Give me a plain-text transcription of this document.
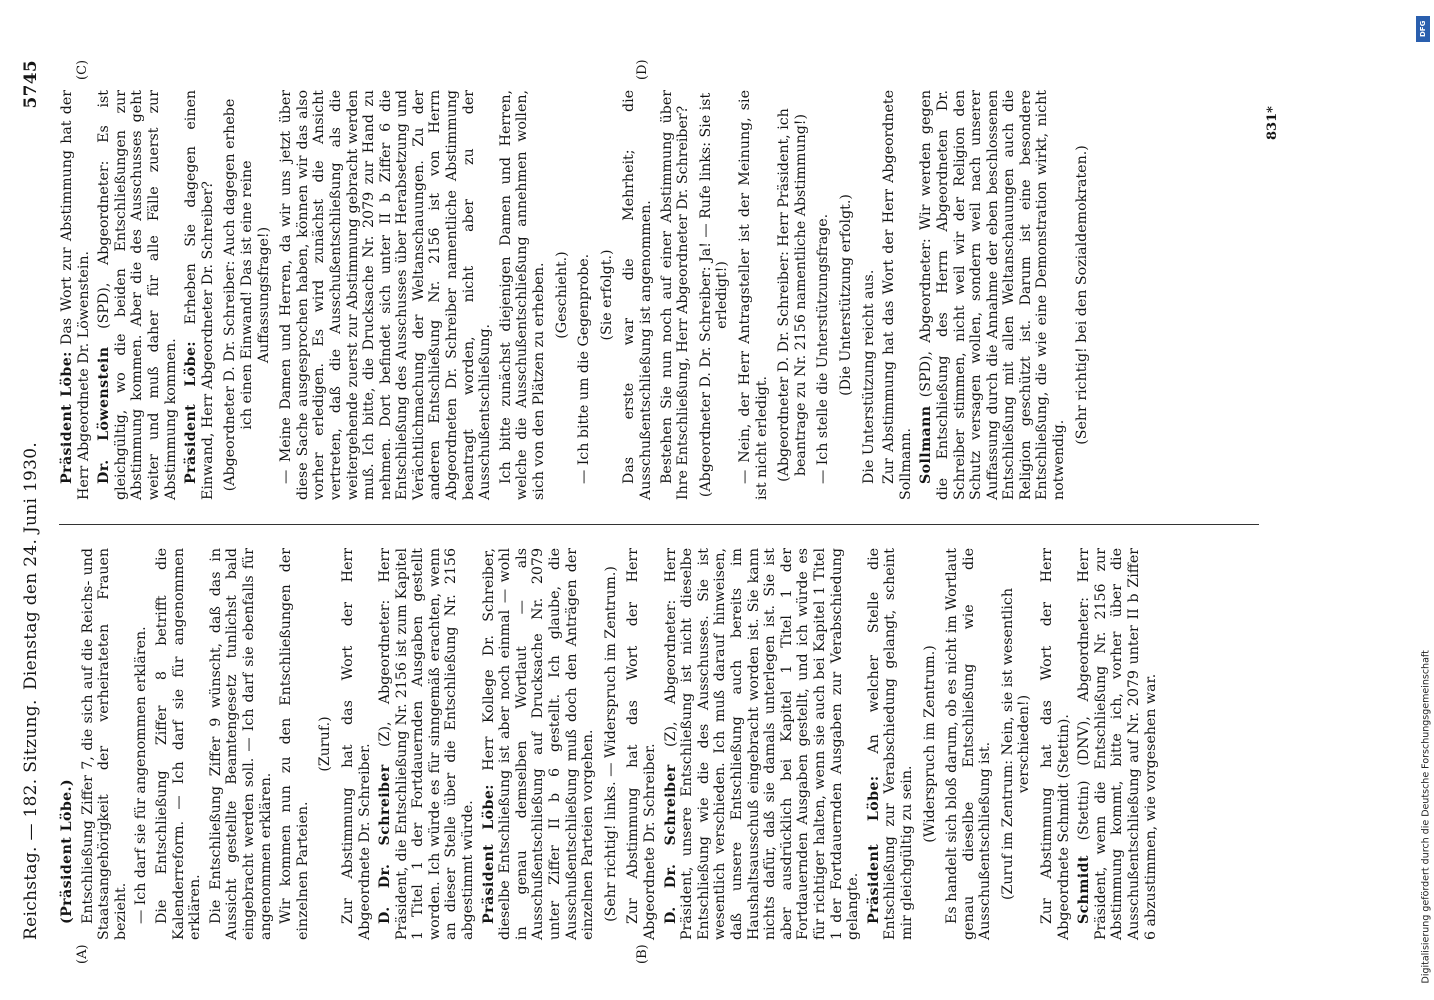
Reichstag. — 182. Sitzung.
Dienstag den 24. Juni 1930.
5745

(Präsident Löbe.) Entschließung Ziffer 7, die sich auf die Reichs- und Staatsangehörigkeit der verheirateten Frauen bezieht. — Ich darf sie für angenommen erklären. Die Entschließung Ziffer 8 betrifft die Kalenderreform. — Ich darf sie für angenommen erklären. Die Entschließung Ziffer 9 wünscht, daß das in Aussicht gestellte Beamtengesetz tunlichst bald eingebracht werden soll. — Ich darf sie ebenfalls für angenommen erklären. Wir kommen nun zu den Entschließungen der einzelnen Parteien.

(Zuruf.) Zur Abstimmung hat das Wort der Herr Abgeordnete Dr. Schreiber. D. Dr. Schreiber (Z), Abgeordneter: Herr Präsident, die Entschließung Nr. 2156 ist zum Kapitel 1 Titel 1 der Fortdauernden Ausgaben gestellt worden. Ich würde es für sinngemäß erachten, wenn an dieser Stelle über die Entschließung Nr. 2156 abgestimmt würde. Präsident Löbe: Herr Kollege Dr. Schreiber, dieselbe Entschließung ist aber noch einmal — wohl in genau demselben Wortlaut — als Ausschußentschließung auf Drucksache Nr. 2079 unter Ziffer II b 6 gestellt. Ich glaube, die Ausschußentschließung muß doch den Anträgen der einzelnen Parteien vorgehen. (Sehr richtig! links. — Widerspruch im Zentrum.) Zur Abstimmung hat das Wort der Herr Abgeordnete Dr. Schreiber. D. Dr. Schreiber (Z), Abgeordneter: Herr Präsident, unsere Entschließung ist nicht dieselbe Entschließung wie die des Ausschusses. Sie ist wesentlich verschieden. Ich muß darauf hinweisen, daß unsere Entschließung auch bereits im Haushaltsausschuß eingebracht worden ist. Sie kann nichts dafür, daß sie damals unterlegen ist. Sie ist aber ausdrücklich bei Kapitel 1 Titel 1 der Fortdauernden Ausgaben gestellt, und ich würde es für richtiger halten, wenn sie auch bei Kapitel 1 Titel 1 der Fortdauernden Ausgaben zur Verabschiedung gelangte. Präsident Löbe: An welcher Stelle die Entschließung zur Verabschiedung gelangt, scheint mir gleichgültig zu sein.

(Widerspruch im Zentrum.) Es handelt sich bloß darum, ob es nicht im Wortlaut genau dieselbe Entschließung wie die Ausschußentschließung ist. (Zuruf im Zentrum: Nein, sie ist wesentlich verschieden!) Zur Abstimmung hat das Wort der Herr Abgeordnete Schmidt (Stettin). Schmidt (Stettin) (DNV), Abgeordneter: Herr Präsident, wenn die Entschließung Nr. 2156 zur Abstimmung kommt, bitte ich, vorher über die Ausschußentschließung auf Nr. 2079 unter II b Ziffer 6 abzustimmen, wie vorgesehen war.

Präsident Löbe: Das Wort zur Abstimmung hat der Herr Abgeordnete Dr. Löwenstein. Dr. Löwenstein (SPD), Abgeordneter: Es ist gleichgültig, wo die beiden Entschließungen zur Abstimmung kommen. Aber die des Ausschusses geht weiter und muß daher für alle Fälle zuerst zur Abstimmung kommen. Präsident Löbe: Erheben Sie dagegen einen Einwand, Herr Abgeordneter Dr. Schreiber? (Abgeordneter D. Dr. Schreiber: Auch dagegen erhebe ich einen Einwand! Das ist eine reine Auffassungsfrage!) — Meine Damen und Herren, da wir uns jetzt über diese Sache ausgesprochen haben, können wir das also vorher erledigen. Es wird zunächst die Ansicht vertreten, daß die Ausschußentschließung als die weitergehende zuerst zur Abstimmung gebracht werden muß. Ich bitte, die Drucksache Nr. 2079 zur Hand zu nehmen. Dort befindet sich unter II b Ziffer 6 die Entschließung des Ausschusses über Herabsetzung und Verächtlichmachung der Weltanschauungen. Zu der anderen Entschließung Nr. 2156 ist von Herrn Abgeordneten Dr. Schreiber namentliche Abstimmung beantragt worden, nicht aber zu der Ausschußentschließung. Ich bitte zunächst diejenigen Damen und Herren, welche die Ausschußentschließung annehmen wollen, sich von den Plätzen zu erheben. (Geschieht.) — Ich bitte um die Gegenprobe. (Sie erfolgt.) Das erste war die Mehrheit; die Ausschußentschließung ist angenommen. Bestehen Sie nun noch auf einer Abstimmung über Ihre Entschließung, Herr Abgeordneter Dr. Schreiber? (Abgeordneter D. Dr. Schreiber: Ja! — Rufe links: Sie ist erledigt!) — Nein, der Herr Antragsteller ist der Meinung, sie ist nicht erledigt. (Abgeordneter D. Dr. Schreiber: Herr Präsident, ich beantrage zu Nr. 2156 namentliche Abstimmung!) — Ich stelle die Unterstützungsfrage. (Die Unterstützung erfolgt.) Die Unterstützung reicht aus. Zur Abstimmung hat das Wort der Herr Abgeordnete Sollmann. Sollmann (SPD), Abgeordneter: Wir werden gegen die Entschließung des Herrn Abgeordneten Dr. Schreiber stimmen, nicht weil wir der Religion den Schutz versagen wollen, sondern weil nach unserer Auffassung durch die Annahme der eben beschlossenen Entschließung mit allen Weltanschauungen auch die Religion geschützt ist. Darum ist eine besondere Entschließung, die wie eine Demonstration wirkt, nicht notwendig.

(Sehr richtig! bei den Sozialdemokraten.)

(A)	(B)
(C)	(D)
831*
DFG
Digitalisierung gefördert durch die Deutsche Forschungsgemeinschaft
